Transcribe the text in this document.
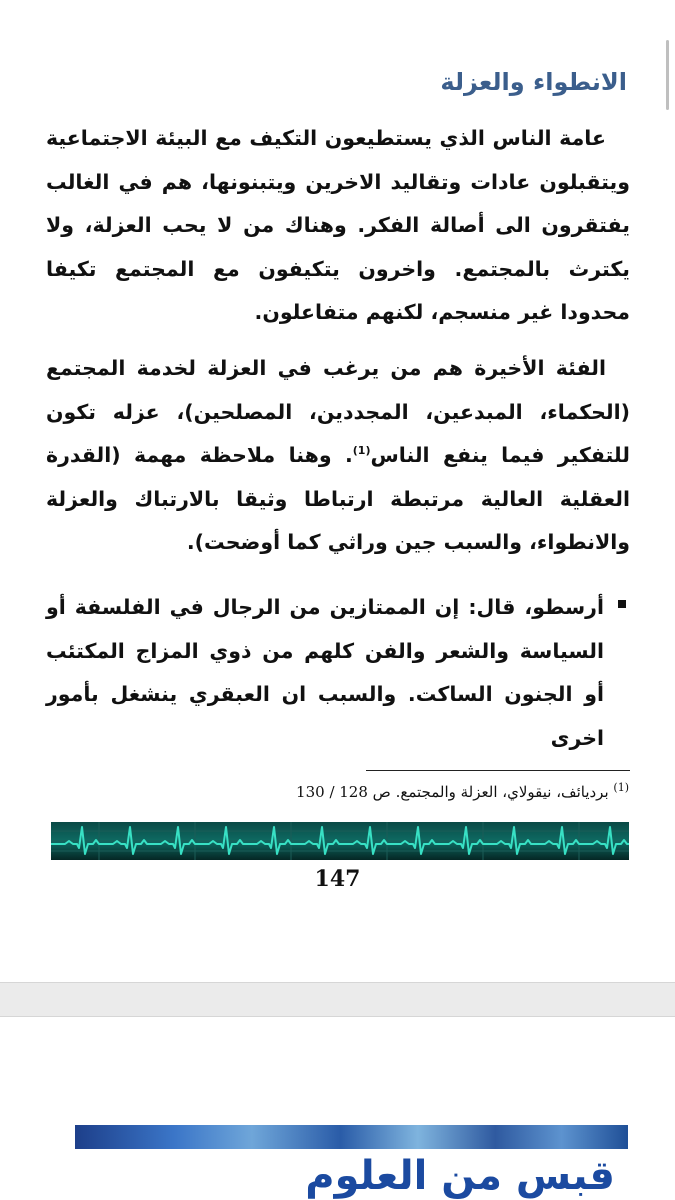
الانطواء والعزلة

عامة الناس الذي يستطيعون التكيف مع البيئة الاجتماعية ويتقبلون عادات وتقاليد الاخرين ويتبنونها، هم في الغالب يفتقرون الى أصالة الفكر. وهناك من لا يحب العزلة، ولا يكترث بالمجتمع. واخرون يتكيفون مع المجتمع تكيفا محدودا غير منسجم، لكنهم متفاعلون.

الفئة الأخيرة هم من يرغب في العزلة لخدمة المجتمع (الحكماء، المبدعين، المجددين، المصلحين)، عزله تكون للتفكير فيما ينفع الناس$^{(1)}$. وهنا ملاحظة مهمة (القدرة العقلية العالية مرتبطة ارتباطا وثيقا بالارتباك والعزلة والانطواء، والسبب جين وراثي كما أوضحت).

أرسطو، قال: إن الممتازين من الرجال في الفلسفة أو السياسة والشعر والفن كلهم من ذوي المزاج المكتئب أو الجنون الساكت. والسبب ان العبقري ينشغل بأمور اخرى

$^{(1)}$ برديائف، نيقولاي، العزلة والمجتمع. ص 128 / 130

147

قبس من العلوم
